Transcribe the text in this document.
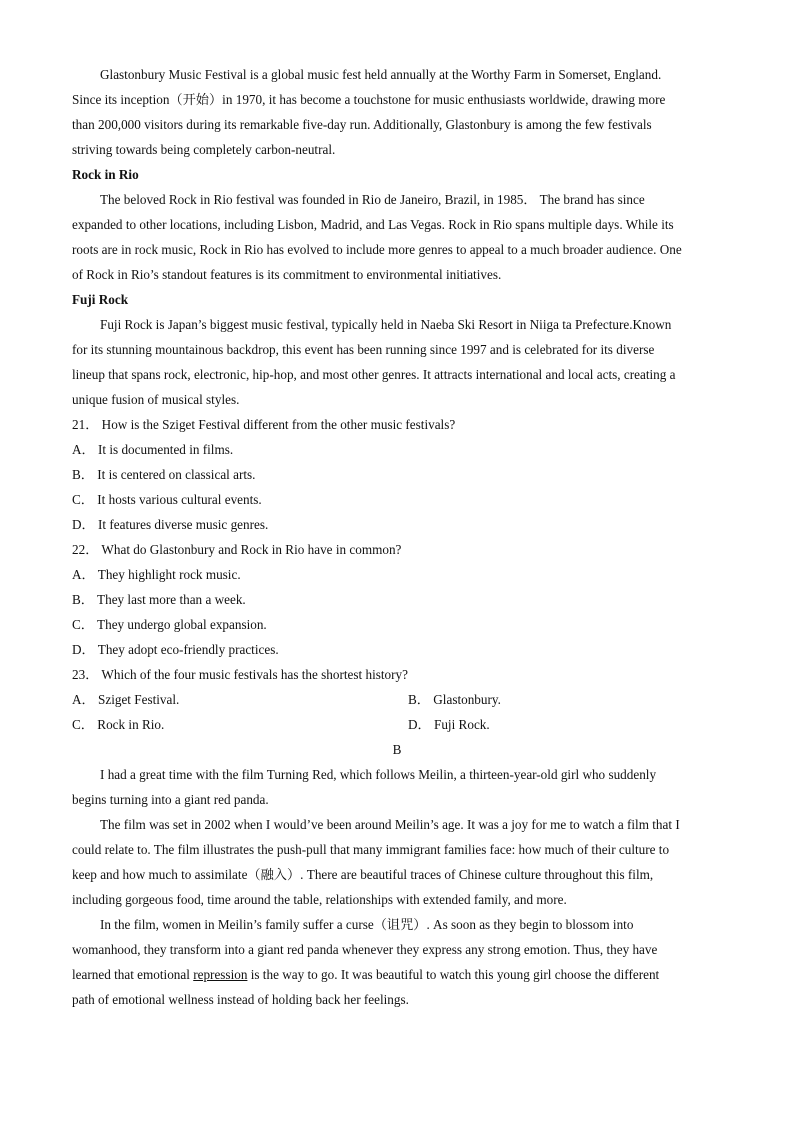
Glastonbury Music Festival is a global music fest held annually at the Worthy Farm in Somerset, England.
Since its inception（开始）in 1970, it has become a touchstone for music enthusiasts worldwide, drawing more
than 200,000 visitors during its remarkable five-day run. Additionally, Glastonbury is among the few festivals
striving towards being completely carbon-neutral.
Rock in Rio
The beloved Rock in Rio festival was founded in Rio de Janeiro, Brazil, in 1985． The brand has since
expanded to other locations, including Lisbon, Madrid, and Las Vegas. Rock in Rio spans multiple days. While its
roots are in rock music, Rock in Rio has evolved to include more genres to appeal to a much broader audience. One
of Rock in Rio’s standout features is its commitment to environmental initiatives.
Fuji Rock
Fuji Rock is Japan’s biggest music festival, typically held in Naeba Ski Resort in Niiga ta Prefecture.Known
for its stunning mountainous backdrop, this event has been running since 1997 and is celebrated for its diverse
lineup that spans rock, electronic, hip-hop, and most other genres. It attracts international and local acts, creating a
unique fusion of musical styles.
21． How is the Sziget Festival different from the other music festivals?
A． It is documented in films.
B． It is centered on classical arts.
C． It hosts various cultural events.
D． It features diverse music genres.
22． What do Glastonbury and Rock in Rio have in common?
A． They highlight rock music.
B． They last more than a week.
C． They undergo global expansion.
D． They adopt eco-friendly practices.
23． Which of the four music festivals has the shortest history?
A． Sziget Festival.	B． Glastonbury.
C． Rock in Rio.	D． Fuji Rock.
B
I had a great time with the film Turning Red, which follows Meilin, a thirteen-year-old girl who suddenly
begins turning into a giant red panda.
The film was set in 2002 when I would’ve been around Meilin’s age. It was a joy for me to watch a film that I
could relate to. The film illustrates the push-pull that many immigrant families face: how much of their culture to
keep and how much to assimilate（融入）. There are beautiful traces of Chinese culture throughout this film,
including gorgeous food, time around the table, relationships with extended family, and more.
In the film, women in Meilin’s family suffer a curse（诅咒）. As soon as they begin to blossom into
womanhood, they transform into a giant red panda whenever they express any strong emotion. Thus, they have
learned that emotional repression is the way to go. It was beautiful to watch this young girl choose the different
path of emotional wellness instead of holding back her feelings.
